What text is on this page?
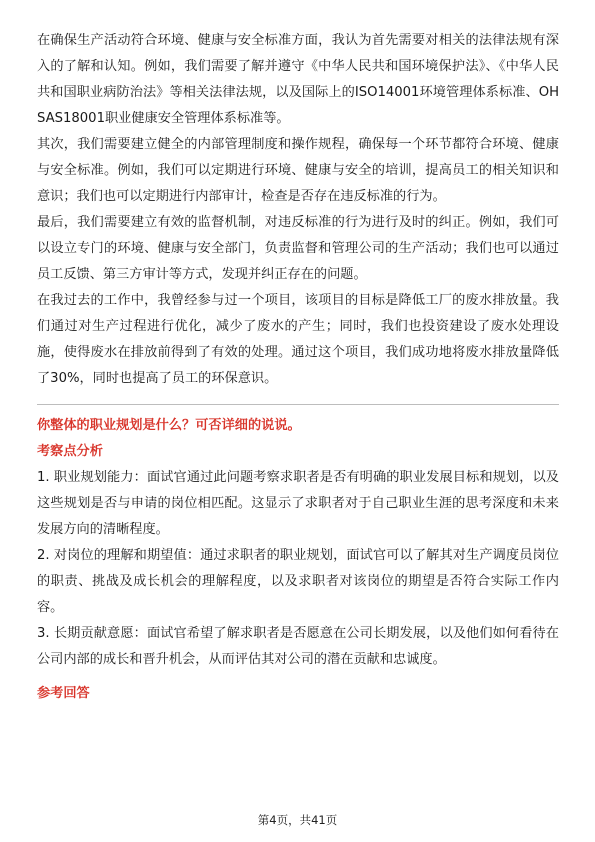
在确保生产活动符合环境、健康与安全标准方面，我认为首先需要对相关的法律法规有深入的了解和认知。例如，我们需要了解并遵守《中华人民共和国环境保护法》、《中华人民共和国职业病防治法》等相关法律法规，以及国际上的ISO14001环境管理体系标准、OHSAS18001职业健康安全管理体系标准等。

其次，我们需要建立健全的内部管理制度和操作规程，确保每一个环节都符合环境、健康与安全标准。例如，我们可以定期进行环境、健康与安全的培训，提高员工的相关知识和意识；我们也可以定期进行内部审计，检查是否存在违反标准的行为。

最后，我们需要建立有效的监督机制，对违反标准的行为进行及时的纠正。例如，我们可以设立专门的环境、健康与安全部门，负责监督和管理公司的生产活动；我们也可以通过员工反馈、第三方审计等方式，发现并纠正存在的问题。

在我过去的工作中，我曾经参与过一个项目，该项目的目标是降低工厂的废水排放量。我们通过对生产过程进行优化，减少了废水的产生；同时，我们也投资建设了废水处理设施，使得废水在排放前得到了有效的处理。通过这个项目，我们成功地将废水排放量降低了30%，同时也提高了员工的环保意识。

你整体的职业规划是什么？可否详细的说说。

考察点分析

1. 职业规划能力：面试官通过此问题考察求职者是否有明确的职业发展目标和规划，以及这些规划是否与申请的岗位相匹配。这显示了求职者对于自己职业生涯的思考深度和未来发展方向的清晰程度。

2. 对岗位的理解和期望值：通过求职者的职业规划，面试官可以了解其对生产调度员岗位的职责、挑战及成长机会的理解程度，以及求职者对该岗位的期望是否符合实际工作内容。

3. 长期贡献意愿：面试官希望了解求职者是否愿意在公司长期发展，以及他们如何看待在公司内部的成长和晋升机会，从而评估其对公司的潜在贡献和忠诚度。

参考回答

第4页，共41页
